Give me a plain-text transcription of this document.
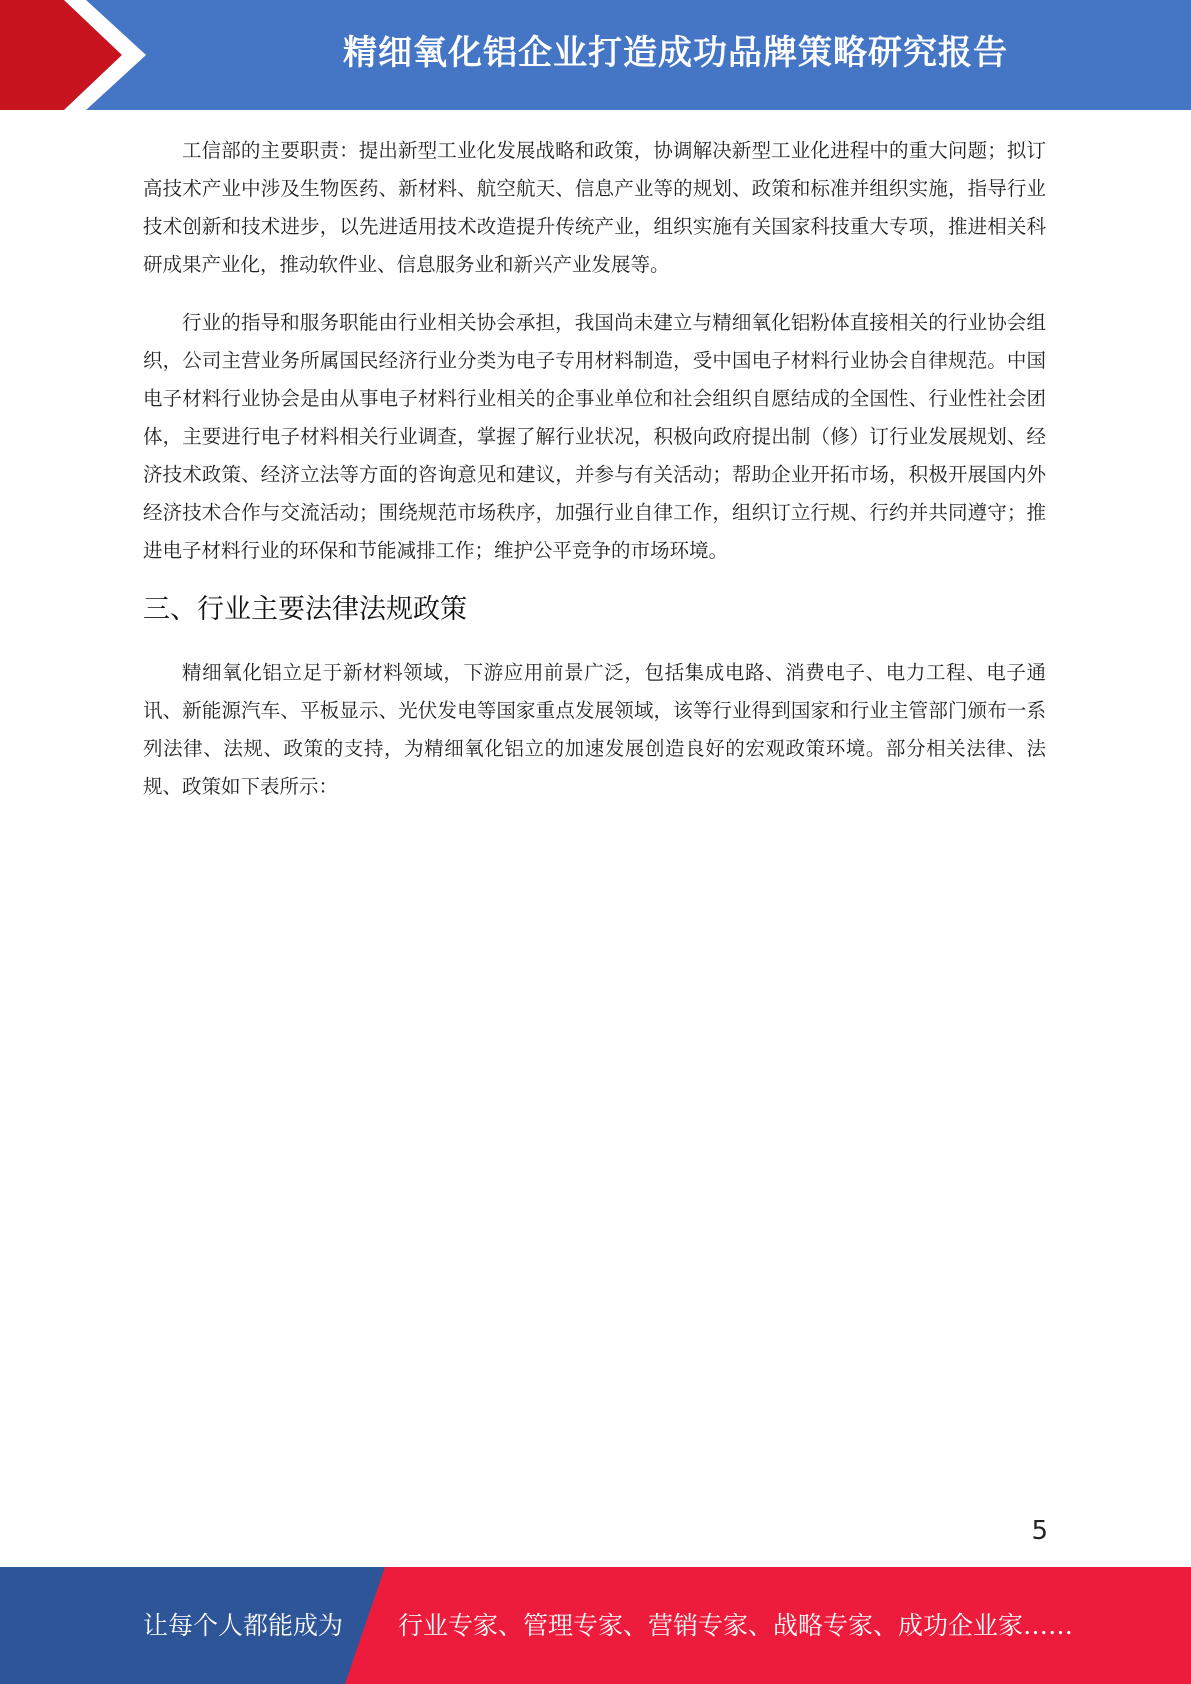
精细氧化铝企业打造成功品牌策略研究报告

工信部的主要职责：提出新型工业化发展战略和政策，协调解决新型工业化进程中的重大问题；拟订高技术产业中涉及生物医药、新材料、航空航天、信息产业等的规划、政策和标准并组织实施，指导行业技术创新和技术进步，以先进适用技术改造提升传统产业，组织实施有关国家科技重大专项，推进相关科研成果产业化，推动软件业、信息服务业和新兴产业发展等。

行业的指导和服务职能由行业相关协会承担，我国尚未建立与精细氧化铝粉体直接相关的行业协会组织，公司主营业务所属国民经济行业分类为电子专用材料制造，受中国电子材料行业协会自律规范。中国电子材料行业协会是由从事电子材料行业相关的企事业单位和社会组织自愿结成的全国性、行业性社会团体，主要进行电子材料相关行业调查，掌握了解行业状况，积极向政府提出制（修）订行业发展规划、经济技术政策、经济立法等方面的咨询意见和建议，并参与有关活动；帮助企业开拓市场，积极开展国内外经济技术合作与交流活动；围绕规范市场秩序，加强行业自律工作，组织订立行规、行约并共同遵守；推进电子材料行业的环保和节能减排工作；维护公平竞争的市场环境。

三、行业主要法律法规政策

精细氧化铝立足于新材料领域，下游应用前景广泛，包括集成电路、消费电子、电力工程、电子通讯、新能源汽车、平板显示、光伏发电等国家重点发展领域，该等行业得到国家和行业主管部门颁布一系列法律、法规、政策的支持，为精细氧化铝立的加速发展创造良好的宏观政策环境。部分相关法律、法规、政策如下表所示：

5
让每个人都能成为 行业专家、管理专家、营销专家、战略专家、成功企业家……
